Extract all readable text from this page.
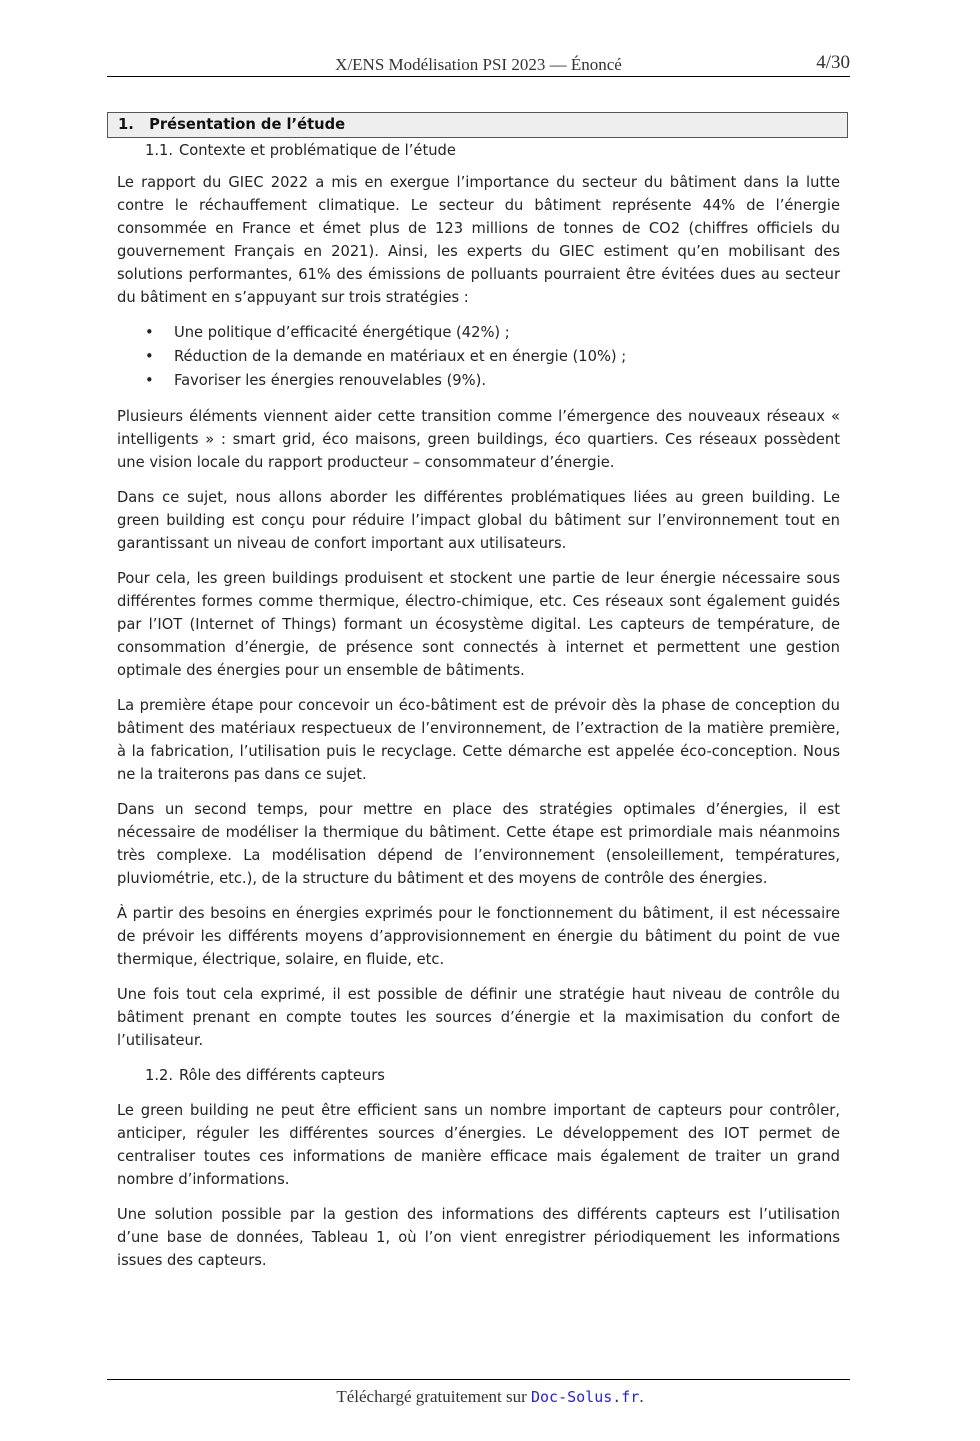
X/ENS Modélisation PSI 2023 — Énoncé	4/30
1. Présentation de l’étude
1.1. Contexte et problématique de l’étude

Le rapport du GIEC 2022 a mis en exergue l’importance du secteur du bâtiment dans la lutte contre le réchauffement climatique. Le secteur du bâtiment représente 44% de l’énergie consommée en France et émet plus de 123 millions de tonnes de CO2 (chiffres officiels du gouvernement Français en 2021). Ainsi, les experts du GIEC estiment qu’en mobilisant des solutions performantes, 61% des émissions de polluants pourraient être évitées dues au secteur du bâtiment en s’appuyant sur trois stratégies :

• Une politique d’efficacité énergétique (42%) ;
• Réduction de la demande en matériaux et en énergie (10%) ;
• Favoriser les énergies renouvelables (9%).

Plusieurs éléments viennent aider cette transition comme l’émergence des nouveaux réseaux « intelligents » : smart grid, éco maisons, green buildings, éco quartiers. Ces réseaux possèdent une vision locale du rapport producteur – consommateur d’énergie.

Dans ce sujet, nous allons aborder les différentes problématiques liées au green building. Le green building est conçu pour réduire l’impact global du bâtiment sur l’environnement tout en garantissant un niveau de confort important aux utilisateurs.

Pour cela, les green buildings produisent et stockent une partie de leur énergie nécessaire sous différentes formes comme thermique, électro-chimique, etc. Ces réseaux sont également guidés par l’IOT (Internet of Things) formant un écosystème digital. Les capteurs de température, de consommation d’énergie, de présence sont connectés à internet et permettent une gestion optimale des énergies pour un ensemble de bâtiments.

La première étape pour concevoir un éco-bâtiment est de prévoir dès la phase de conception du bâtiment des matériaux respectueux de l’environnement, de l’extraction de la matière première, à la fabrication, l’utilisation puis le recyclage. Cette démarche est appelée éco-conception. Nous ne la traiterons pas dans ce sujet.

Dans un second temps, pour mettre en place des stratégies optimales d’énergies, il est nécessaire de modéliser la thermique du bâtiment. Cette étape est primordiale mais néanmoins très complexe. La modélisation dépend de l’environnement (ensoleillement, températures, pluviométrie, etc.), de la structure du bâtiment et des moyens de contrôle des énergies.

À partir des besoins en énergies exprimés pour le fonctionnement du bâtiment, il est nécessaire de prévoir les différents moyens d’approvisionnement en énergie du bâtiment du point de vue thermique, électrique, solaire, en fluide, etc.

Une fois tout cela exprimé, il est possible de définir une stratégie haut niveau de contrôle du bâtiment prenant en compte toutes les sources d’énergie et la maximisation du confort de l’utilisateur.

1.2. Rôle des différents capteurs

Le green building ne peut être efficient sans un nombre important de capteurs pour contrôler, anticiper, réguler les différentes sources d’énergies. Le développement des IOT permet de centraliser toutes ces informations de manière efficace mais également de traiter un grand nombre d’informations.

Une solution possible par la gestion des informations des différents capteurs est l’utilisation d’une base de données, Tableau 1, où l’on vient enregistrer périodiquement les informations issues des capteurs.

Téléchargé gratuitement sur Doc-Solus.fr.
